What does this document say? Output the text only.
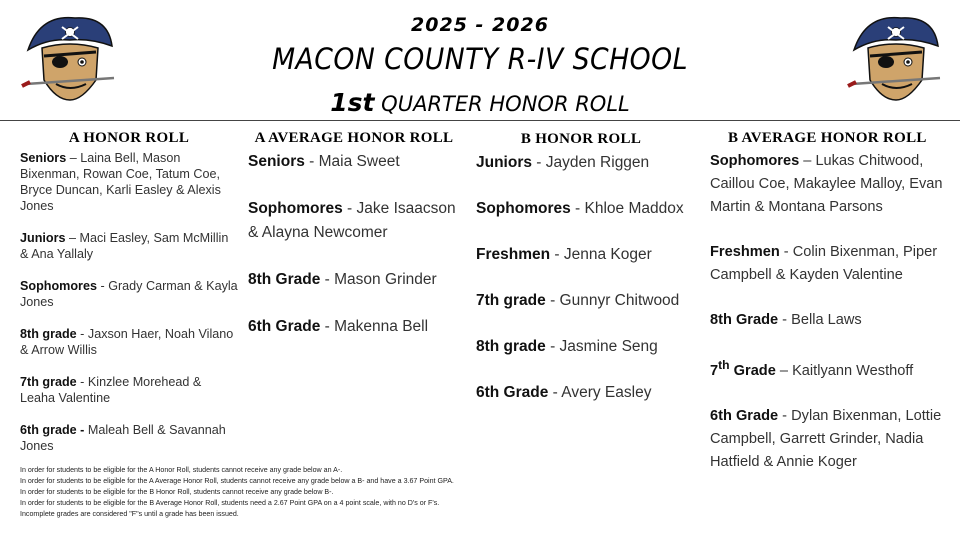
2025 - 2026
MACON COUNTY R-IV SCHOOL
1st QUARTER HONOR ROLL
A HONOR ROLL

Seniors – Laina Bell, Mason Bixenman, Rowan Coe, Tatum Coe, Bryce Duncan, Karli Easley & Alexis Jones

Juniors – Maci Easley, Sam McMillin & Ana Yallaly

Sophomores - Grady Carman & Kayla Jones

8th grade - Jaxson Haer, Noah Vilano & Arrow Willis

7th grade - Kinzlee Morehead & Leaha Valentine

6th grade - Maleah Bell & Savannah Jones

A AVERAGE HONOR ROLL

Seniors - Maia Sweet

Sophomores - Jake Isaacson & Alayna Newcomer

8th Grade - Mason Grinder

6th Grade - Makenna Bell

B HONOR ROLL

Juniors - Jayden Riggen

Sophomores - Khloe Maddox

Freshmen - Jenna Koger

7th grade - Gunnyr Chitwood

8th grade - Jasmine Seng

6th Grade - Avery Easley

B AVERAGE HONOR ROLL

Sophomores – Lukas Chitwood, Caillou Coe, Makaylee Malloy, Evan Martin & Montana Parsons

Freshmen - Colin Bixenman, Piper Campbell & Kayden Valentine

8th Grade - Bella Laws

7th Grade – Kaitlyann Westhoff

6th Grade - Dylan Bixenman, Lottie Campbell, Garrett Grinder, Nadia Hatfield & Annie Koger

In order for students to be eligible for the A Honor Roll, students cannot receive any grade below an A-.
In order for students to be eligible for the A Average Honor Roll, students cannot receive any grade below a B- and have a 3.67 Point GPA.
In order for students to be eligible for the B Honor Roll, students cannot receive any grade below B-.
In order for students to be eligible for the B Average Honor Roll, students need a 2.67 Point GPA on a 4 point scale, with no D's or F's.
Incomplete grades are considered "F"s until a grade has been issued.
